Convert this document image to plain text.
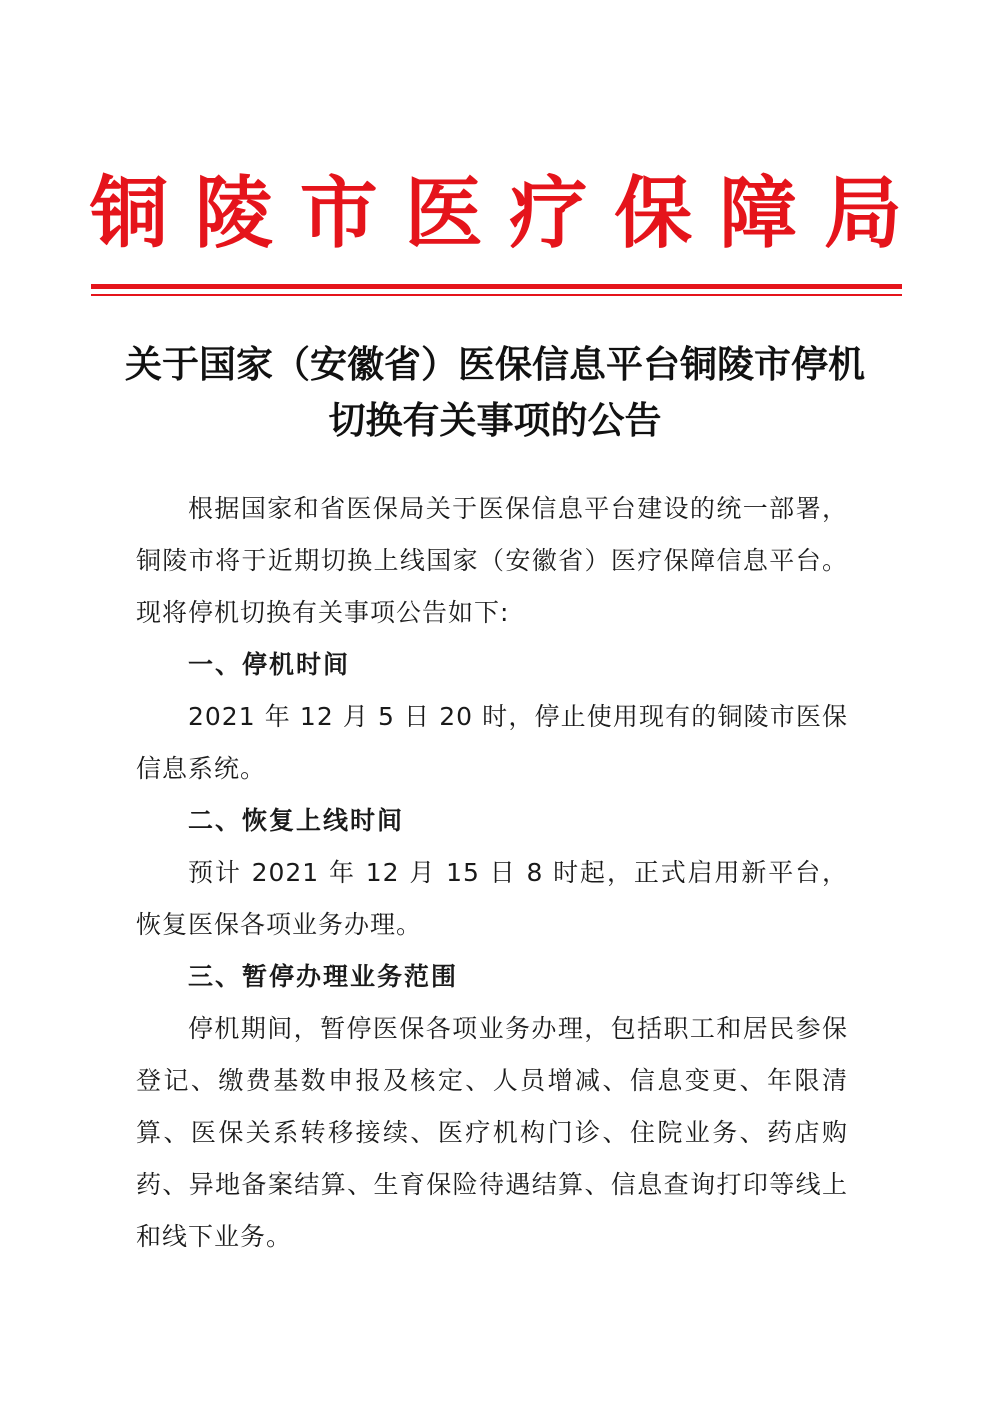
铜陵市医疗保障局
关于国家（安徽省）医保信息平台铜陵市停机
切换有关事项的公告

根据国家和省医保局关于医保信息平台建设的统一部署，铜陵市将于近期切换上线国家（安徽省）医疗保障信息平台。现将停机切换有关事项公告如下:

一、停机时间

2021 年 12 月 5 日 20 时，停止使用现有的铜陵市医保信息系统。

二、恢复上线时间

预计 2021 年 12 月 15 日 8 时起，正式启用新平台，恢复医保各项业务办理。

三、暂停办理业务范围

停机期间，暂停医保各项业务办理，包括职工和居民参保登记、缴费基数申报及核定、人员增减、信息变更、年限清算、医保关系转移接续、医疗机构门诊、住院业务、药店购药、异地备案结算、生育保险待遇结算、信息查询打印等线上和线下业务。
